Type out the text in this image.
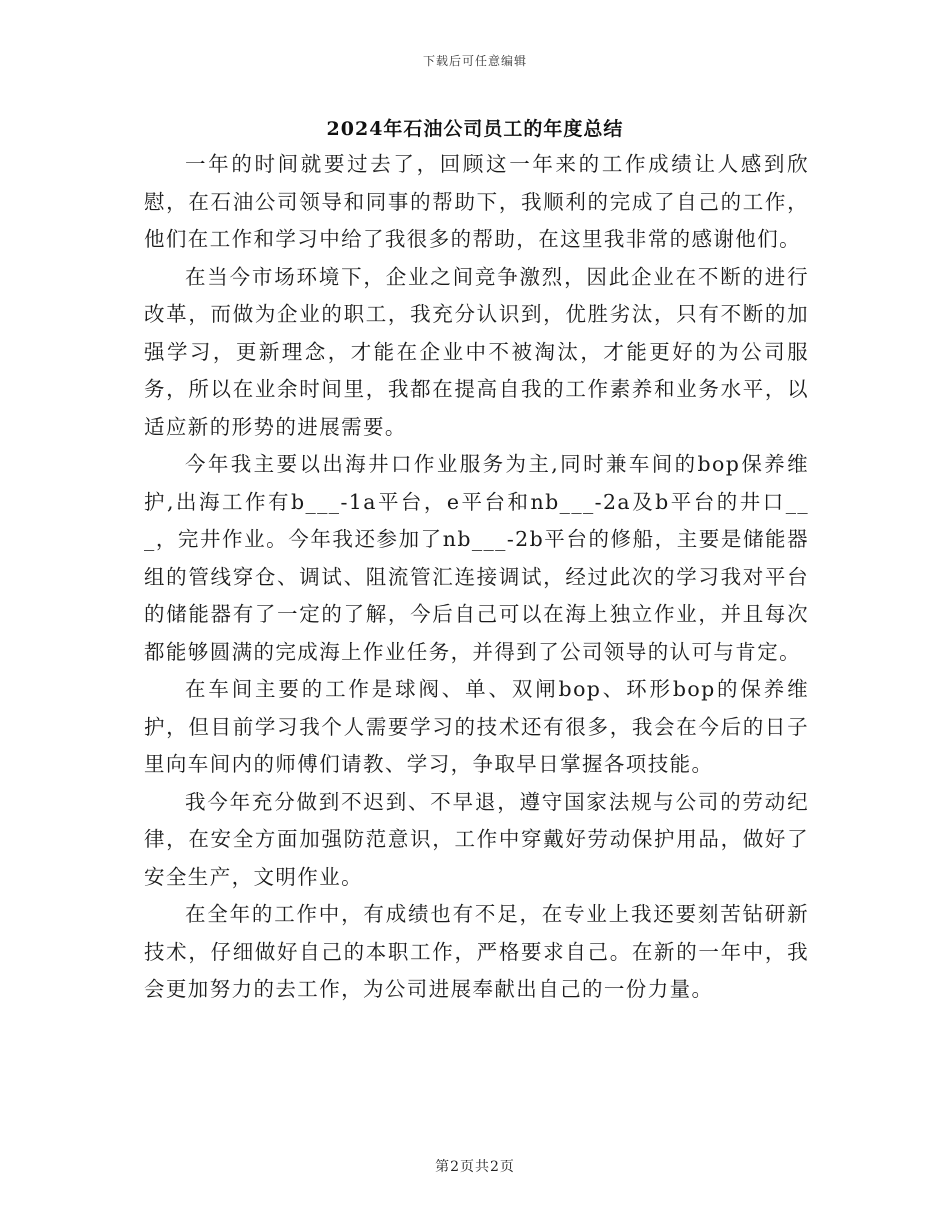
下载后可任意编辑
2024年石油公司员工的年度总结

一年的时间就要过去了，回顾这一年来的工作成绩让人感到欣慰，在石油公司领导和同事的帮助下，我顺利的完成了自己的工作，他们在工作和学习中给了我很多的帮助，在这里我非常的感谢他们。

在当今市场环境下，企业之间竞争激烈，因此企业在不断的进行改革，而做为企业的职工，我充分认识到，优胜劣汰，只有不断的加强学习，更新理念，才能在企业中不被淘汰，才能更好的为公司服务，所以在业余时间里，我都在提高自我的工作素养和业务水平，以适应新的形势的进展需要。

今年我主要以出海井口作业服务为主,同时兼车间的bop保养维护,出海工作有b___-1a平台，e平台和nb___-2a及b平台的井口___，完井作业。今年我还参加了nb___-2b平台的修船，主要是储能器组的管线穿仓、调试、阻流管汇连接调试，经过此次的学习我对平台的储能器有了一定的了解，今后自己可以在海上独立作业，并且每次都能够圆满的完成海上作业任务，并得到了公司领导的认可与肯定。

在车间主要的工作是球阀、单、双闸bop、环形bop的保养维护，但目前学习我个人需要学习的技术还有很多，我会在今后的日子里向车间内的师傅们请教、学习，争取早日掌握各项技能。

我今年充分做到不迟到、不早退，遵守国家法规与公司的劳动纪律，在安全方面加强防范意识，工作中穿戴好劳动保护用品，做好了安全生产，文明作业。

在全年的工作中，有成绩也有不足，在专业上我还要刻苦钻研新技术，仔细做好自己的本职工作，严格要求自己。在新的一年中，我会更加努力的去工作，为公司进展奉献出自己的一份力量。

第2页共2页
